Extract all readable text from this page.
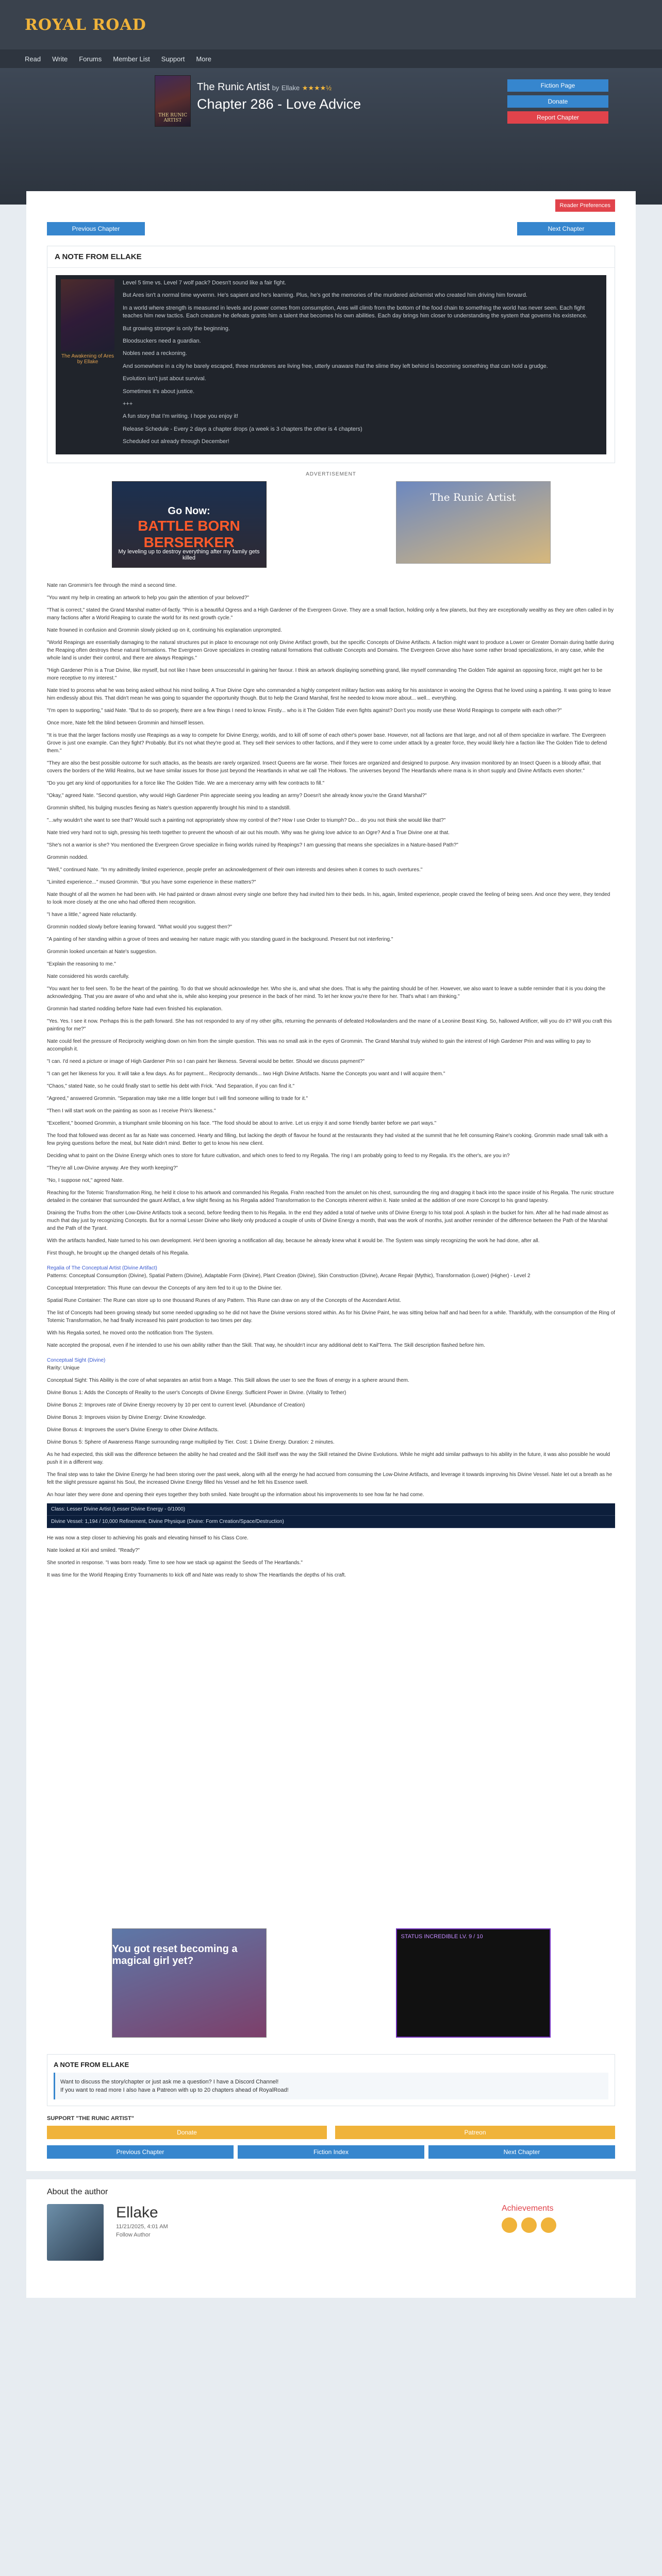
ROYAL ROAD
Read Write Forums Member List Support More
THE RUNIC ARTIST
The Runic Artist by Ellake ★★★★½
Chapter 286 - Love Advice
Fiction Page
Donate
Report Chapter
Reader Preferences
Previous Chapter	Next Chapter
A NOTE FROM ELLAKE
The Awakening of Ares by Ellake

Level 5 time vs. Level 7 wolf pack? Doesn't sound like a fair fight.

But Ares isn't a normal time wyvernn. He's sapient and he's learning. Plus, he's got the memories of the murdered alchemist who created him driving him forward.

In a world where strength is measured in levels and power comes from consumption, Ares will climb from the bottom of the food chain to something the world has never seen. Each fight teaches him new tactics. Each creature he defeats grants him a talent that becomes his own abilities. Each day brings him closer to understanding the system that governs his existence.

But growing stronger is only the beginning.

Bloodsuckers need a guardian.

Nobles need a reckoning.

And somewhere in a city he barely escaped, three murderers are living free, utterly unaware that the slime they left behind is becoming something that can hold a grudge.

Evolution isn't just about survival.

Sometimes it's about justice.

+++

A fun story that I'm writing. I hope you enjoy it!

Release Schedule - Every 2 days a chapter drops (a week is 3 chapters the other is 4 chapters)

Scheduled out already through December!

ADVERTISEMENT
Go Now:
BATTLE BORN BERSERKER
My leveling up to destroy everything after my family gets killed
The Runic Artist

Nate ran Grommin's fee through the mind a second time.

"You want my help in creating an artwork to help you gain the attention of your beloved?"

"That is correct," stated the Grand Marshal matter-of-factly. "Prin is a beautiful Ogress and a High Gardener of the Evergreen Grove. They are a small faction, holding only a few planets, but they are exceptionally wealthy as they are often called in by many factions after a World Reaping to curate the world for its next growth cycle."

Nate frowned in confusion and Grommin slowly picked up on it, continuing his explanation unprompted.

"World Reapings are essentially damaging to the natural structures put in place to encourage not only Divine Artifact growth, but the specific Concepts of Divine Artifacts. A faction might want to produce a Lower or Greater Domain during battle during the Reaping often destroys these natural formations. The Evergreen Grove specializes in creating natural formations that cultivate Concepts and Domains. The Evergreen Grove also have some rather broad specializations, in any case, while the whole land is under their control, and there are always Reapings."

"High Gardener Prin is a True Divine, like myself, but not like I have been unsuccessful in gaining her favour. I think an artwork displaying something grand, like myself commanding The Golden Tide against an opposing force, might get her to be more receptive to my interest."

Nate tried to process what he was being asked without his mind boiling. A True Divine Ogre who commanded a highly competent military faction was asking for his assistance in wooing the Ogress that he loved using a painting. It was going to leave him endlessly about this. That didn't mean he was going to squander the opportunity though. But to help the Grand Marshal, first he needed to know more about... well... everything.

"I'm open to supporting," said Nate. "But to do so properly, there are a few things I need to know. Firstly... who is it The Golden Tide even fights against? Don't you mostly use these World Reapings to compete with each other?"

Once more, Nate felt the blind between Grommin and himself lessen.

"It is true that the larger factions mostly use Reapings as a way to compete for Divine Energy, worlds, and to kill off some of each other's power base. However, not all factions are that large, and not all of them specialize in warfare. The Evergreen Grove is just one example. Can they fight? Probably. But it's not what they're good at. They sell their services to other factions, and if they were to come under attack by a greater force, they would likely hire a faction like The Golden Tide to defend them."

"They are also the best possible outcome for such attacks, as the beasts are rarely organized. Insect Queens are far worse. Their forces are organized and designed to purpose. Any invasion monitored by an Insect Queen is a bloody affair, that covers the borders of the Wild Realms, but we have similar issues for those just beyond the Heartlands in what we call The Hollows. The universes beyond The Heartlands where mana is in short supply and Divine Artifacts even shorter."

"Do you get any kind of opportunities for a force like The Golden Tide. We are a mercenary army with few contracts to fill."

"Okay," agreed Nate. "Second question, why would High Gardener Prin appreciate seeing you leading an army? Doesn't she already know you're the Grand Marshal?"

Grommin shifted, his bulging muscles flexing as Nate's question apparently brought his mind to a standstill.

"...why wouldn't she want to see that? Would such a painting not appropriately show my control of the? How I use Order to triumph? Do... do you not think she would like that?"

Nate tried very hard not to sigh, pressing his teeth together to prevent the whoosh of air out his mouth. Why was he giving love advice to an Ogre? And a True Divine one at that.

"She's not a warrior is she? You mentioned the Evergreen Grove specialize in fixing worlds ruined by Reapings? I am guessing that means she specializes in a Nature-based Path?"

Grommin nodded.

"Well," continued Nate. "In my admittedly limited experience, people prefer an acknowledgement of their own interests and desires when it comes to such overtures."

"Limited experience..." mused Grommin. "But you have some experience in these matters?"

Nate thought of all the women he had been with. He had painted or drawn almost every single one before they had invited him to their beds. In his, again, limited experience, people craved the feeling of being seen. And once they were, they tended to look more closely at the one who had offered them recognition.

"I have a little," agreed Nate reluctantly.

Grommin nodded slowly before leaning forward. "What would you suggest then?"

"A painting of her standing within a grove of trees and weaving her nature magic with you standing guard in the background. Present but not interfering."

Grommin looked uncertain at Nate's suggestion.

"Explain the reasoning to me."

Nate considered his words carefully.

"You want her to feel seen. To be the heart of the painting. To do that we should acknowledge her. Who she is, and what she does. That is why the painting should be of her. However, we also want to leave a subtle reminder that it is you doing the acknowledging. That you are aware of who and what she is, while also keeping your presence in the back of her mind. To let her know you're there for her. That's what I am thinking."

Grommin had started nodding before Nate had even finished his explanation.

"Yes. Yes. I see it now. Perhaps this is the path forward. She has not responded to any of my other gifts, returning the pennants of defeated Hollowlanders and the mane of a Leonine Beast King. So, hallowed Artificer, will you do it? Will you craft this painting for me?"

Nate could feel the pressure of Reciprocity weighing down on him from the simple question. This was no small ask in the eyes of Grommin. The Grand Marshal truly wished to gain the interest of High Gardener Prin and was willing to pay to accomplish it.

"I can. I'd need a picture or image of High Gardener Prin so I can paint her likeness. Several would be better. Should we discuss payment?"

"I can get her likeness for you. It will take a few days. As for payment... Reciprocity demands... two High Divine Artifacts. Name the Concepts you want and I will acquire them."

"Chaos," stated Nate, so he could finally start to settle his debt with Frick. "And Separation, if you can find it."

"Agreed," answered Grommin. "Separation may take me a little longer but I will find someone willing to trade for it."

"Then I will start work on the painting as soon as I receive Prin's likeness."

"Excellent," boomed Grommin, a triumphant smile blooming on his face. "The food should be about to arrive. Let us enjoy it and some friendly banter before we part ways."

The food that followed was decent as far as Nate was concerned. Hearty and filling, but lacking the depth of flavour he found at the restaurants they had visited at the summit that he felt consuming Raine's cooking. Grommin made small talk with a few prying questions before the meal, but Nate didn't mind. Better to get to know his new client.

Deciding what to paint on the Divine Energy which ones to store for future cultivation, and which ones to feed to my Regalia. The ring I am probably going to feed to my Regalia. It's the other's, are you in?

"They're all Low-Divine anyway. Are they worth keeping?"

"No, I suppose not," agreed Nate.

Reaching for the Totemic Transformation Ring, he held it close to his artwork and commanded his Regalia. Frahn reached from the amulet on his chest, surrounding the ring and dragging it back into the space inside of his Regalia. The runic structure detailed in the container that surrounded the gaunt Artifact, a few slight flexing as his Regalia added Transformation to the Concepts inherent within it. Nate smiled at the addition of one more Concept to his grand tapestry.

Draining the Truths from the other Low-Divine Artifacts took a second, before feeding them to his Regalia. In the end they added a total of twelve units of Divine Energy to his total pool. A splash in the bucket for him. After all he had made almost as much that day just by recognizing Concepts. But for a normal Lesser Divine who likely only produced a couple of units of Divine Energy a month, that was the work of months, just another reminder of the difference between the Path of the Marshal and the Path of the Tyrant.

With the artifacts handled, Nate turned to his own development. He'd been ignoring a notification all day, because he already knew what it would be. The System was simply recognizing the work he had done, after all.

First though, he brought up the changed details of his Regalia.

Regalia of The Conceptual Artist (Divine Artifact)

Patterns: Conceptual Consumption (Divine), Spatial Pattern (Divine), Adaptable Form (Divine), Plant Creation (Divine), Skin Construction (Divine), Arcane Repair (Mythic), Transformation (Lower) (Higher) - Level 2

Conceptual Interpretation: This Rune can devour the Concepts of any item fed to it up to the Divine tier.

Spatial Rune Container: The Rune can store up to one thousand Runes of any Pattern. This Rune can draw on any of the Concepts of the Ascendant Artist.

The list of Concepts had been growing steady but some needed upgrading so he did not have the Divine versions stored within. As for his Divine Paint, he was sitting below half and had been for a while. Thankfully, with the consumption of the Ring of Totemic Transformation, he had finally increased his paint production to two times per day.

With his Regalia sorted, he moved onto the notification from The System.

Nate accepted the proposal, even if he intended to use his own ability rather than the Skill. That way, he shouldn't incur any additional debt to Kail'Terra. The Skill description flashed before him.

Conceptual Sight (Divine)

Rarity: Unique

Conceptual Sight: This Ability is the core of what separates an artist from a Mage. This Skill allows the user to see the flows of energy in a sphere around them.

Divine Bonus 1: Adds the Concepts of Reality to the user's Concepts of Divine Energy. Sufficient Power in Divine. (Vitality to Tether)

Divine Bonus 2: Improves rate of Divine Energy recovery by 10 per cent to current level. (Abundance of Creation)

Divine Bonus 3: Improves vision by Divine Energy: Divine Knowledge.

Divine Bonus 4: Improves the user's Divine Energy to other Divine Artifacts.

Divine Bonus 5: Sphere of Awareness Range surrounding range multiplied by Tier. Cost: 1 Divine Energy. Duration: 2 minutes.

As he had expected, this skill was the difference between the ability he had created and the Skill itself was the way the Skill retained the Divine Evolutions. While he might add similar pathways to his ability in the future, it was also possible he would push it in a different way.

The final step was to take the Divine Energy he had been storing over the past week, along with all the energy he had accrued from consuming the Low-Divine Artifacts, and leverage it towards improving his Divine Vessel. Nate let out a breath as he felt the slight pressure against his Soul, the increased Divine Energy filled his Vessel and he felt his Essence swell.

An hour later they were done and opening their eyes together they both smiled. Nate brought up the information about his improvements to see how far he had come.

Class: Lesser Divine Artist (Lesser Divine Energy - 0/1000)
Divine Vessel: 1,194 / 10,000 Refinement, Divine Physique (Divine: Form Creation/Space/Destruction)

He was now a step closer to achieving his goals and elevating himself to his Class Core.

Nate looked at Kiri and smiled. "Ready?"

She snorted in response. "I was born ready. Time to see how we stack up against the Seeds of The Heartlands."

It was time for the World Reaping Entry Tournaments to kick off and Nate was ready to show The Heartlands the depths of his craft.

You got reset becoming a magical girl yet?
STATUS INCREDIBLE LV. 9 / 10
A NOTE FROM ELLAKE

Want to discuss the story/chapter or just ask me a question? I have a Discord Channel!

If you want to read more I also have a Patreon with up to 20 chapters ahead of RoyalRoad!

SUPPORT "THE RUNIC ARTIST"
Donate	Patreon
Previous Chapter	Fiction Index	Next Chapter
About the author
Ellake
11/21/2025, 4:01 AM
Follow Author
Achievements
